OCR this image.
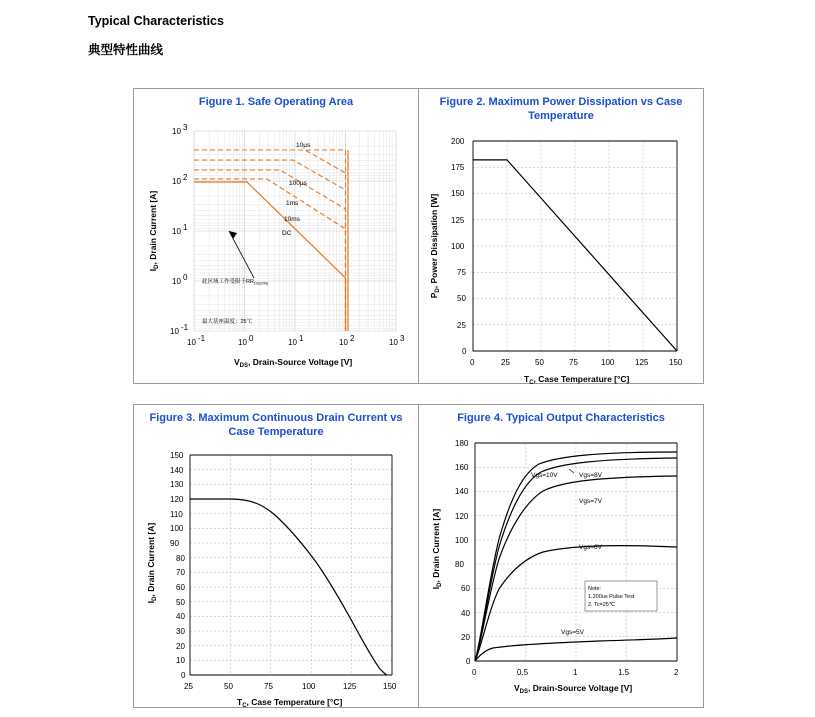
Typical Characteristics
典型特性曲线
Figure 1. Safe Operating Area
10µs
100µs
1ms
10ms
DC
此区域工作受限于$RR_{DS(ON)}$
最大基座温度：25℃
10 3
10 2
10 1
10 0
10 -1
10 -1	10 0	10 1	10 2	10 3
$V_{DS}$, Drain-Source Voltage [V]
$I_D$, Drain Current [A]
Figure 2. Maximum Power Dissipation vs Case Temperature
200
175
150
125
100
75
50
25
0
0	25	50	75	100	125	150
$T_C$, Case Temperature [°C]
$P_D$, Power Dissipation [W]
Figure 3. Maximum Continuous Drain Current vs Case Temperature
150
140
130
120
110
100
90
80
70
60
50
40
30
20
10
0
25	50	75	100	125	150
$T_C$, Case Temperature [°C]
$I_D$, Drain Current [A]
Figure 4. Typical Output Characteristics
Vgs=10V	Vgs=8V
Vgs=7V
Vgs=6V
Vgs=5V
Note:
1.200us Pulse Test
2. Tc=25℃
180
160
140
120
100
80
60
40
20
0
0	0.5	1	1.5	2
$V_{DS}$, Drain-Source Voltage [V]
$I_D$, Drain Current [A]
